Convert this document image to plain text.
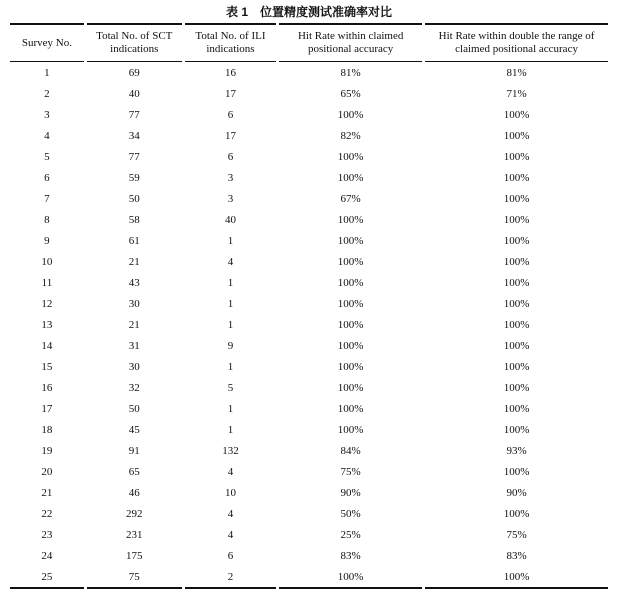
表 1　位置精度测试准确率对比
Survey No.	Total No. of SCT indications	Total No. of ILI indications	Hit Rate within claimed positional accuracy	Hit Rate within double the range of claimed positional accuracy
1	69	16	81%	81%
2	40	17	65%	71%
3	77	6	100%	100%
4	34	17	82%	100%
5	77	6	100%	100%
6	59	3	100%	100%
7	50	3	67%	100%
8	58	40	100%	100%
9	61	1	100%	100%
10	21	4	100%	100%
11	43	1	100%	100%
12	30	1	100%	100%
13	21	1	100%	100%
14	31	9	100%	100%
15	30	1	100%	100%
16	32	5	100%	100%
17	50	1	100%	100%
18	45	1	100%	100%
19	91	132	84%	93%
20	65	4	75%	100%
21	46	10	90%	90%
22	292	4	50%	100%
23	231	4	25%	75%
24	175	6	83%	83%
25	75	2	100%	100%
